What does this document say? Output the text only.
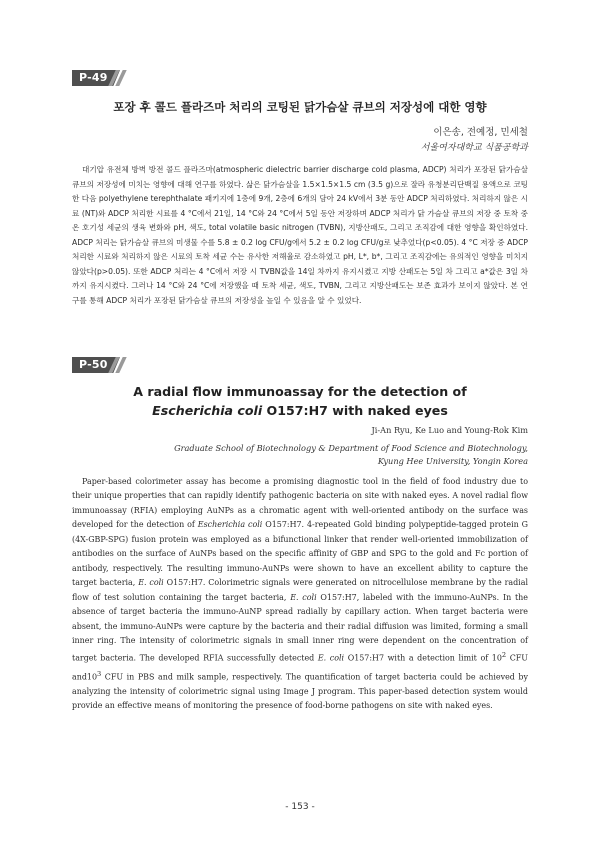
P-49
포장 후 콜드 플라즈마 처리의 코팅된 닭가슴살 큐브의 저장성에 대한 영향
이은송, 전예정, 민세철
서울여자대학교 식품공학과

대기압 유전체 방벽 방전 콜드 플라즈마(atmospheric dielectric barrier discharge cold plasma, ADCP) 처리가 포장된 닭가슴살 큐브의 저장성에 미치는 영향에 대해 연구를 하였다. 삶은 닭가슴살을 1.5×1.5×1.5 cm (3.5 g)으로 잘라 유청분리단백질 용액으로 코팅한 다음 polyethylene terephthalate 패키지에 1층에 9개, 2층에 6개의 담아 24 kV에서 3분 동안 ADCP 처리하였다. 처리하지 않은 시료 (NT)와 ADCP 처리한 시료를 4 °C에서 21일, 14 °C와 24 °C에서 5일 동안 저장하며 ADCP 처리가 닭 가슴살 큐브의 저장 중 토착 중온 호기성 세균의 생육 변화와 pH, 색도, total volatile basic nitrogen (TVBN), 지방산패도, 그리고 조직감에 대한 영향을 확인하였다. ADCP 처리는 닭가슴살 큐브의 미생물 수를 5.8 ± 0.2 log CFU/g에서 5.2 ± 0.2 log CFU/g로 낮추었다(p<0.05). 4 °C 저장 중 ADCP 처리한 시료와 처리하지 않은 시료의 토착 세균 수는 유사한 저해율로 감소하였고 pH, L*, b*, 그리고 조직감에는 유의적인 영향을 미치지 않았다(p>0.05). 또한 ADCP 처리는 4 °C에서 저장 시 TVBN값을 14일 차까지 유지시켰고 지방 산패도는 5일 차 그리고 a*값은 3일 차까지 유지시켰다. 그러나 14 °C와 24 °C에 저장했을 때 토착 세균, 색도, TVBN, 그리고 지방산패도는 보존 효과가 보이지 않았다. 본 연구를 통해 ADCP 처리가 포장된 닭가슴살 큐브의 저장성을 높일 수 있음을 알 수 있었다.

P-50
A radial flow immunoassay for the detection of
Escherichia coli O157:H7 with naked eyes
Ji-An Ryu, Ke Luo and Young-Rok Kim
Graduate School of Biotechnology & Department of Food Science and Biotechnology,
Kyung Hee University, Yongin Korea

Paper-based colorimeter assay has become a promising diagnostic tool in the field of food industry due to their unique properties that can rapidly identify pathogenic bacteria on site with naked eyes. A novel radial flow immunoassay (RFIA) employing AuNPs as a chromatic agent with well-oriented antibody on the surface was developed for the detection of Escherichia coli O157:H7. 4-repeated Gold binding polypeptide-tagged protein G (4X-GBP-SPG) fusion protein was employed as a bifunctional linker that render well-oriented immobilization of antibodies on the surface of AuNPs based on the specific affinity of GBP and SPG to the gold and Fc portion of antibody, respectively. The resulting immuno-AuNPs were shown to have an excellent ability to capture the target bacteria, E. coli O157:H7. Colorimetric signals were generated on nitrocellulose membrane by the radial flow of test solution containing the target bacteria, E. coli O157:H7, labeled with the immuno-AuNPs. In the absence of target bacteria the immuno-AuNP spread radially by capillary action. When target bacteria were absent, the immuno-AuNPs were capture by the bacteria and their radial diffusion was limited, forming a small inner ring. The intensity of colorimetric signals in small inner ring were dependent on the concentration of target bacteria. The developed RFIA successfully detected E. coli O157:H7 with a detection limit of $10^2$ CFU $and10^3$ CFU in PBS and milk sample, respectively. The quantification of target bacteria could be achieved by analyzing the intensity of colorimetric signal using Image J program. This paper-based detection system would provide an effective means of monitoring the presence of food-borne pathogens on site with naked eyes.

- 153 -
